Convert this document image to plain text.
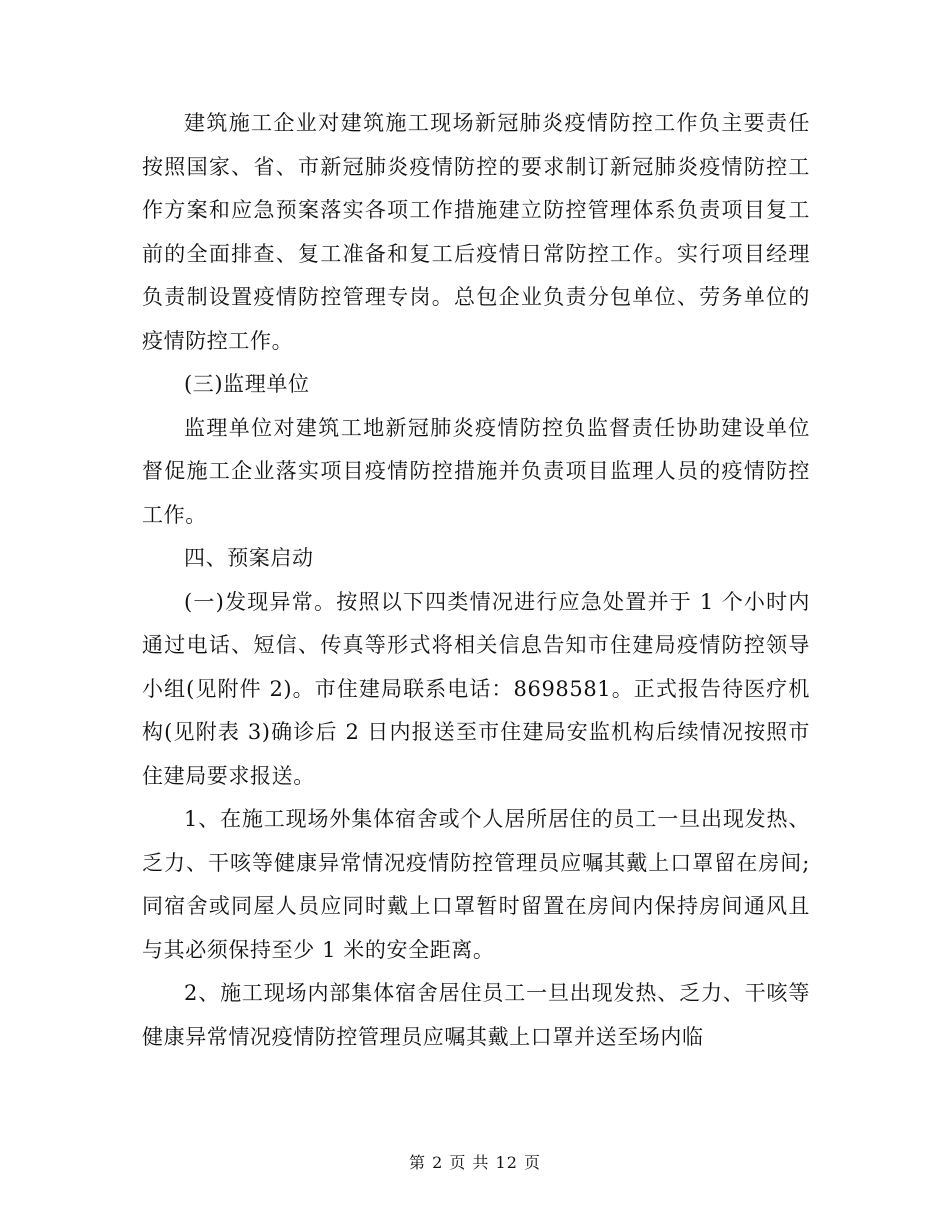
建筑施工企业对建筑施工现场新冠肺炎疫情防控工作负主要责任按照国家、省、市新冠肺炎疫情防控的要求制订新冠肺炎疫情防控工作方案和应急预案落实各项工作措施建立防控管理体系负责项目复工前的全面排查、复工准备和复工后疫情日常防控工作。实行项目经理负责制设置疫情防控管理专岗。总包企业负责分包单位、劳务单位的疫情防控工作。

(三)监理单位

监理单位对建筑工地新冠肺炎疫情防控负监督责任协助建设单位督促施工企业落实项目疫情防控措施并负责项目监理人员的疫情防控工作。

四、预案启动

(一)发现异常。按照以下四类情况进行应急处置并于 1 个小时内通过电话、短信、传真等形式将相关信息告知市住建局疫情防控领导小组(见附件 2)。市住建局联系电话：8698581。正式报告待医疗机构(见附表 3)确诊后 2 日内报送至市住建局安监机构后续情况按照市住建局要求报送。

1、在施工现场外集体宿舍或个人居所居住的员工一旦出现发热、乏力、干咳等健康异常情况疫情防控管理员应嘱其戴上口罩留在房间;同宿舍或同屋人员应同时戴上口罩暂时留置在房间内保持房间通风且与其必须保持至少 1 米的安全距离。

2、施工现场内部集体宿舍居住员工一旦出现发热、乏力、干咳等健康异常情况疫情防控管理员应嘱其戴上口罩并送至场内临

第 2 页 共 12 页
